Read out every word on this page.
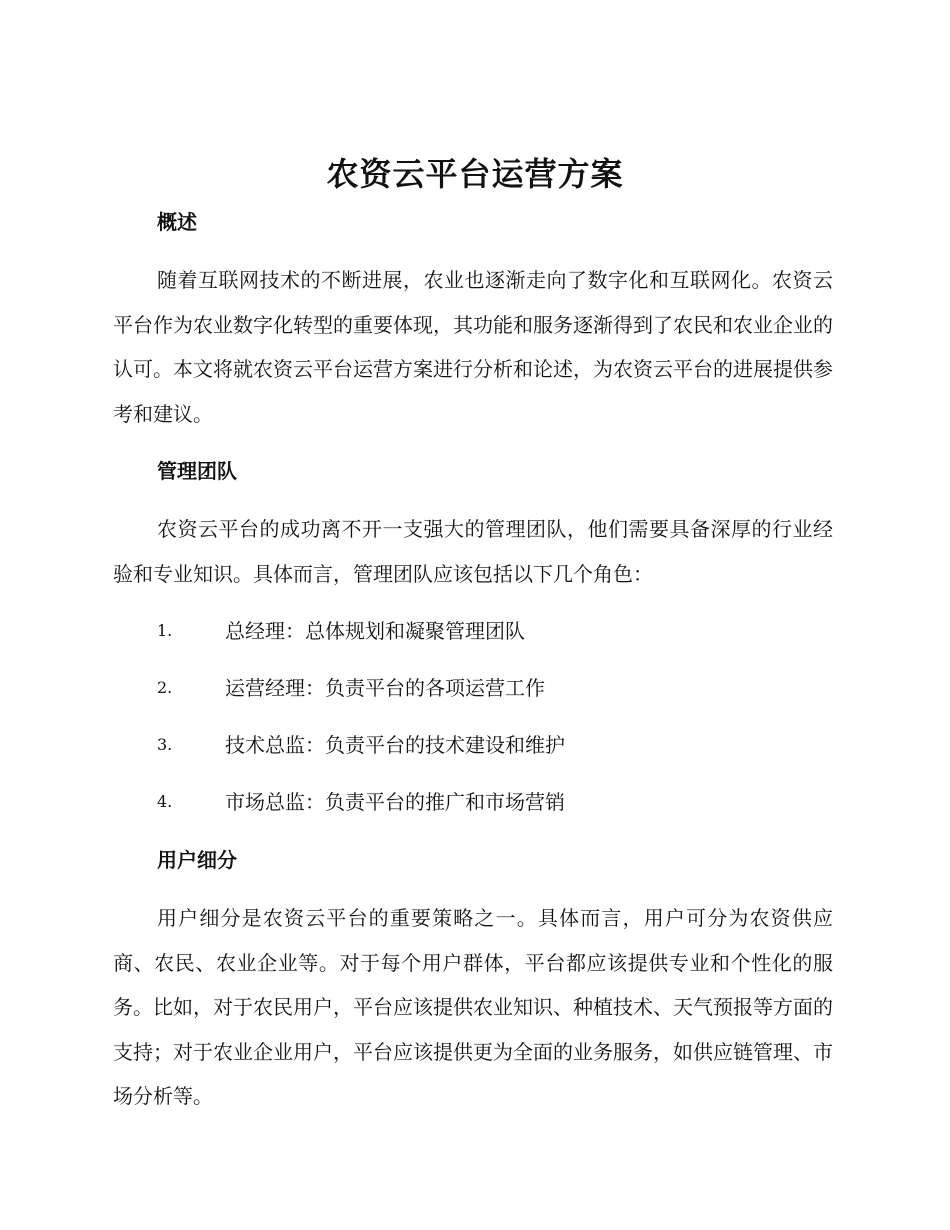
农资云平台运营方案
概述

随着互联网技术的不断进展，农业也逐渐走向了数字化和互联网化。农资云平台作为农业数字化转型的重要体现，其功能和服务逐渐得到了农民和农业企业的认可。本文将就农资云平台运营方案进行分析和论述，为农资云平台的进展提供参考和建议。

管理团队

农资云平台的成功离不开一支强大的管理团队，他们需要具备深厚的行业经验和专业知识。具体而言，管理团队应该包括以下几个角色：

1.	总经理：总体规划和凝聚管理团队
2.	运营经理：负责平台的各项运营工作
3.	技术总监：负责平台的技术建设和维护
4.	市场总监：负责平台的推广和市场营销
用户细分

用户细分是农资云平台的重要策略之一。具体而言，用户可分为农资供应商、农民、农业企业等。对于每个用户群体，平台都应该提供专业和个性化的服务。比如，对于农民用户，平台应该提供农业知识、种植技术、天气预报等方面的支持；对于农业企业用户，平台应该提供更为全面的业务服务，如供应链管理、市场分析等。
